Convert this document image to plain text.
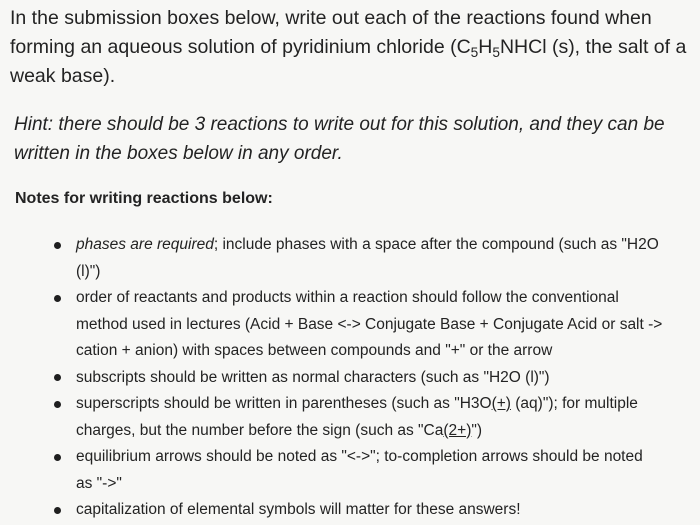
In the submission boxes below, write out each of the reactions found when
forming an aqueous solution of pyridinium chloride ($C_5H_5NHCl$ (s), the salt of a
weak base).
Hint: there should be 3 reactions to write out for this solution, and they can be
written in the boxes below in any order.
Notes for writing reactions below:
phases are required; include phases with a space after the compound (such as "H2O
(l)")
order of reactants and products within a reaction should follow the conventional
method used in lectures (Acid + Base <-> Conjugate Base + Conjugate Acid or salt ->
cation + anion) with spaces between compounds and "+" or the arrow
subscripts should be written as normal characters (such as "H2O (l)")
superscripts should be written in parentheses (such as "H3O(+) (aq)"); for multiple
charges, but the number before the sign (such as "Ca(2+)")
equilibrium arrows should be noted as "<->"; to-completion arrows should be noted
as "->"
capitalization of elemental symbols will matter for these answers!
